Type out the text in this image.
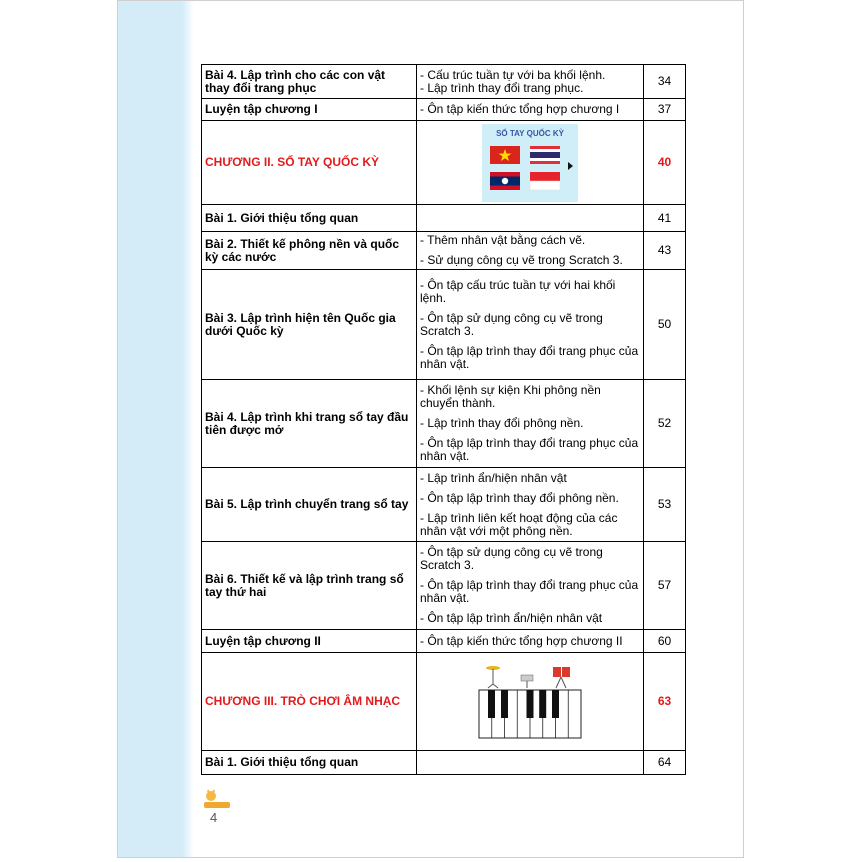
Bài 4. Lập trình cho các con vật thay đổi trang phục	- Cấu trúc tuần tự với ba khối lệnh.
- Lập trình thay đổi trang phục.	34
Luyện tập chương I	- Ôn tập kiến thức tổng hợp chương I	37
CHƯƠNG II. SỔ TAY QUỐC KỲ	SỔ TAY QUỐC KỲ	40
Bài 1. Giới thiệu tổng quan		41
Bài 2. Thiết kế phông nền và quốc kỳ các nước	- Thêm nhân vật bằng cách vẽ.
- Sử dụng công cụ vẽ trong Scratch 3.	43
Bài 3. Lập trình hiện tên Quốc gia dưới Quốc kỳ	- Ôn tập cấu trúc tuần tự với hai khối lệnh.
- Ôn tập sử dụng công cụ vẽ trong Scratch 3.
- Ôn tập lập trình thay đổi trang phục của nhân vật.	50
Bài 4. Lập trình khi trang sổ tay đầu tiên được mở	- Khối lệnh sự kiện Khi phông nền chuyển thành.
- Lập trình thay đổi phông nền.
- Ôn tập lập trình thay đổi trang phục của nhân vật.	52
Bài 5. Lập trình chuyển trang sổ tay	- Lập trình ẩn/hiện nhân vật
- Ôn tập lập trình thay đổi phông nền.
- Lập trình liên kết hoạt động của các nhân vật với một phông nền.	53
Bài 6. Thiết kế và lập trình trang sổ tay thứ hai	- Ôn tập sử dụng công cụ vẽ trong Scratch 3.
- Ôn tập lập trình thay đổi trang phục của nhân vật.
- Ôn tập lập trình ẩn/hiện nhân vật	57
Luyện tập chương II	- Ôn tập kiến thức tổng hợp chương II	60
CHƯƠNG III. TRÒ CHƠI ÂM NHẠC		63
Bài 1. Giới thiệu tổng quan		64
4
